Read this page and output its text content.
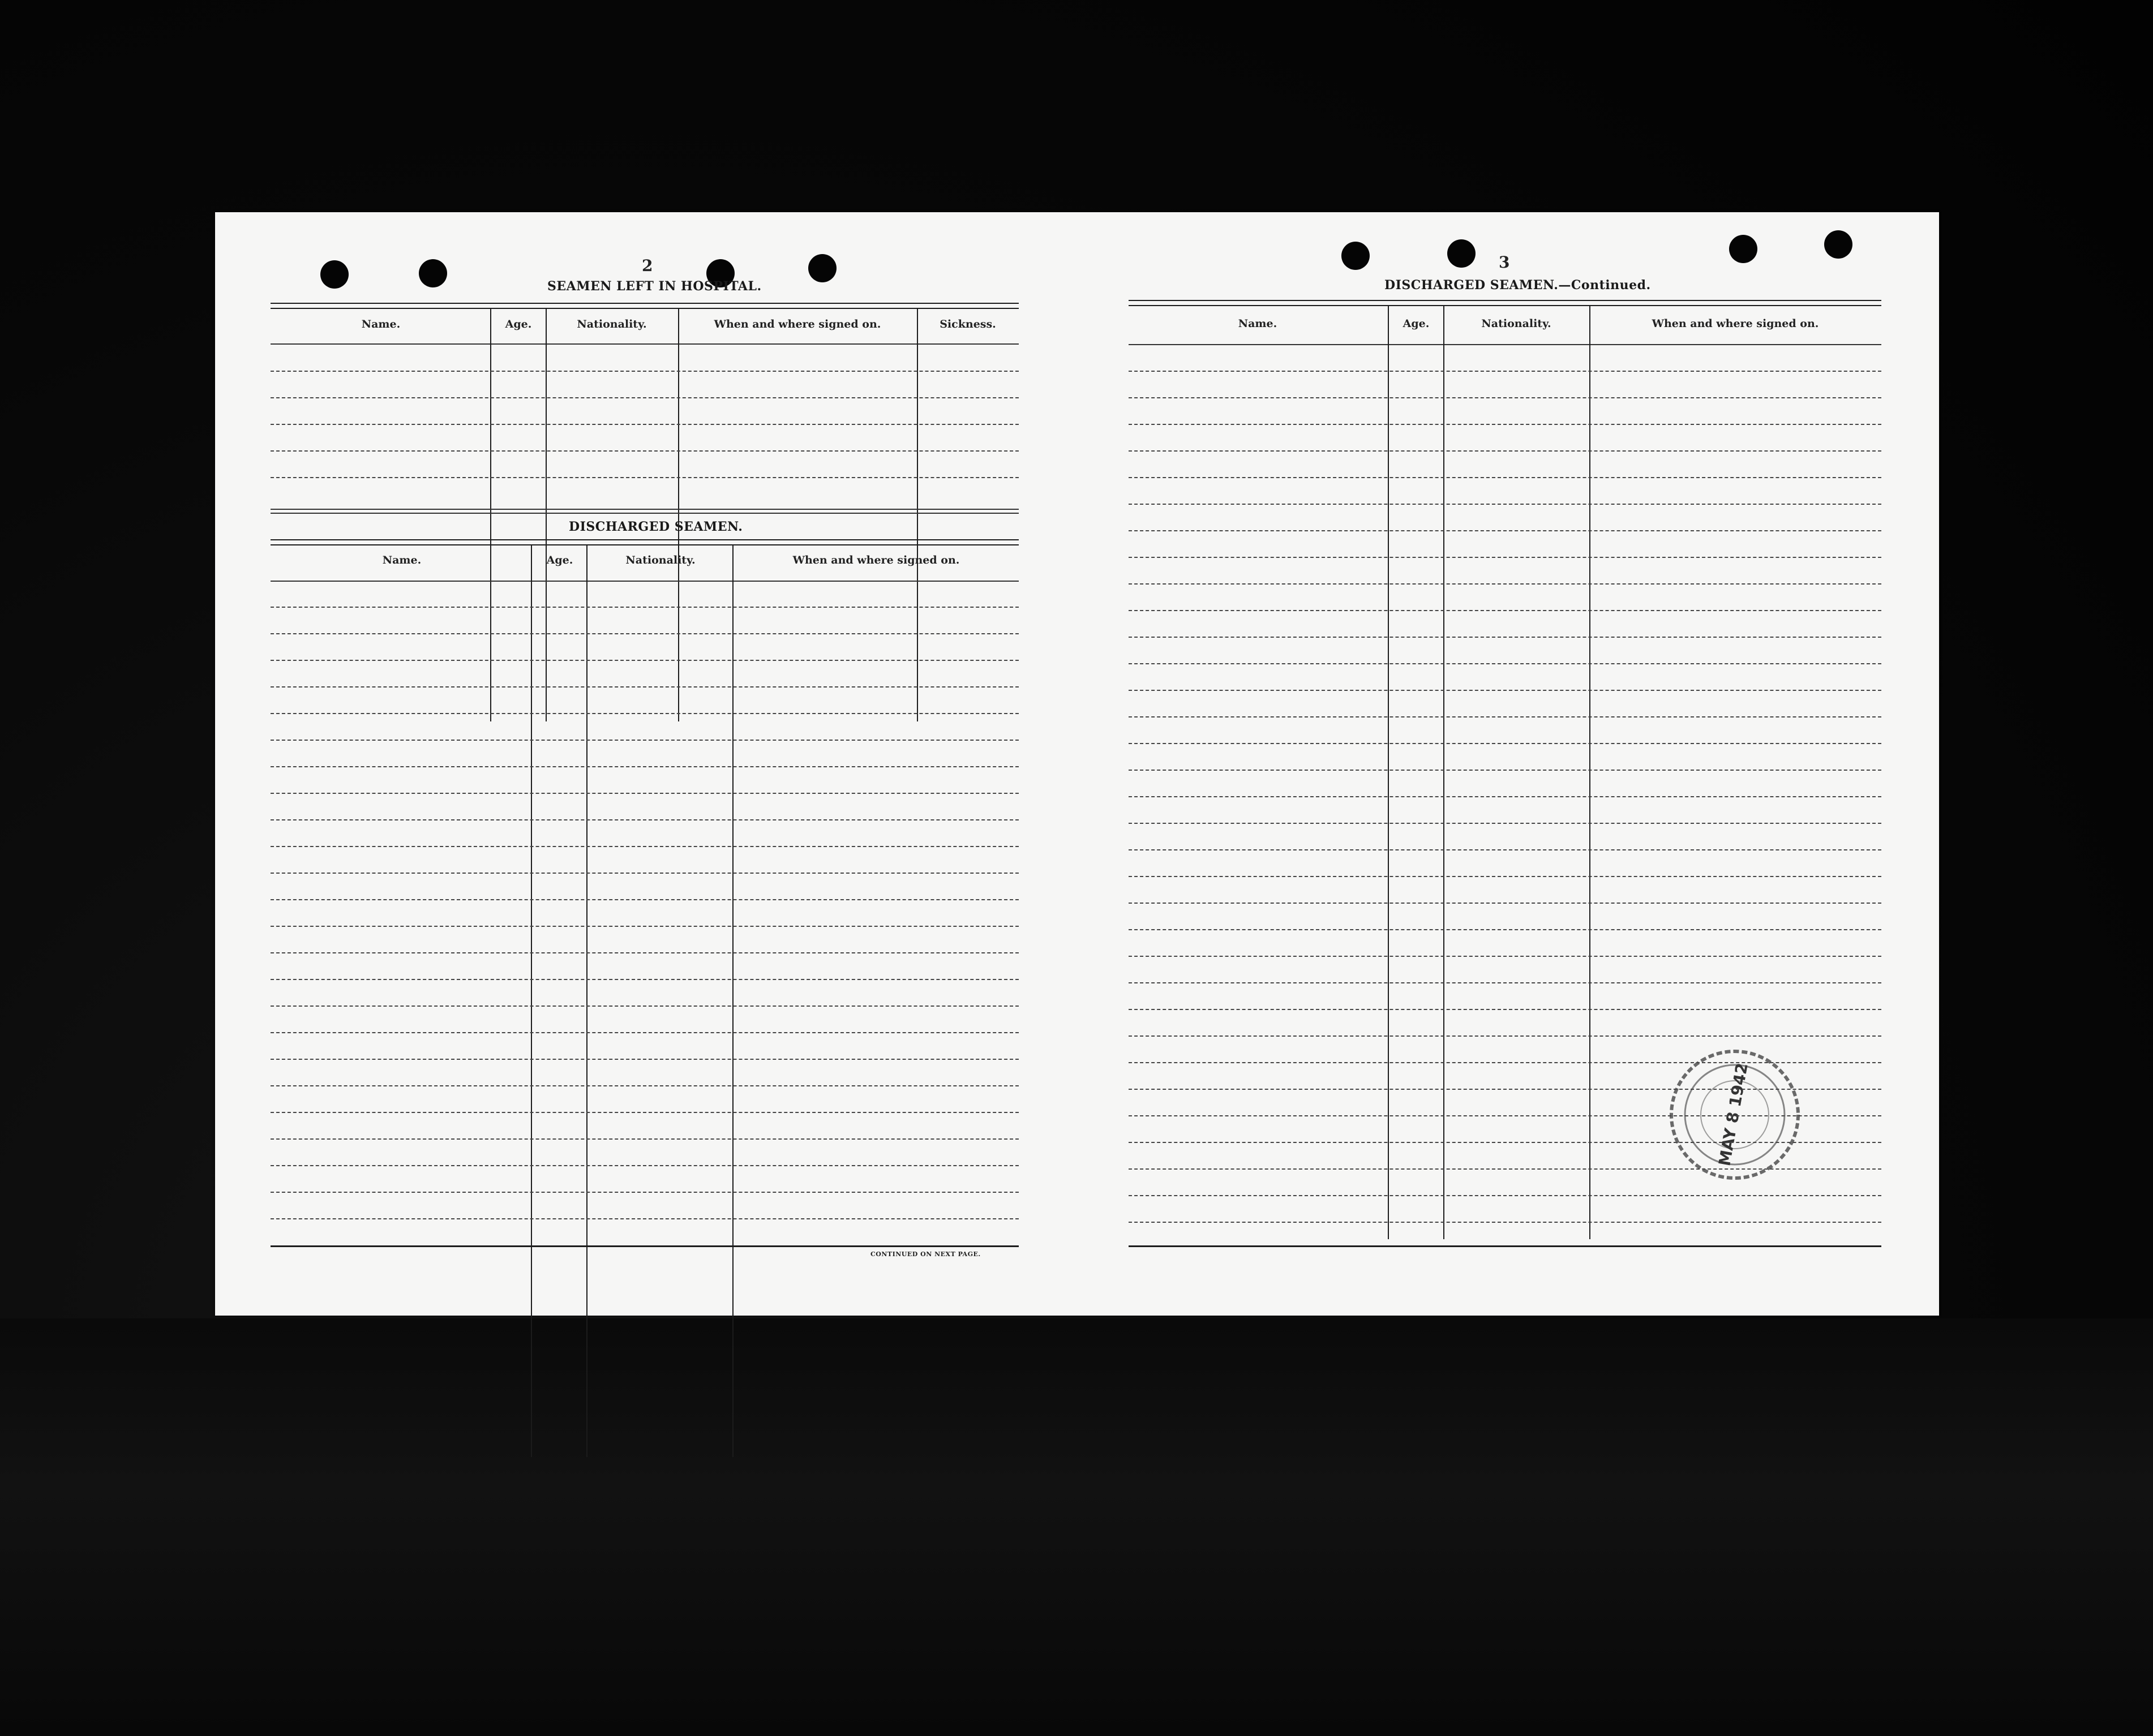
2
SEAMEN LEFT IN HOSPITAL.
Name.	Age.	Nationality.	When and where signed on.	Sickness.
DISCHARGED SEAMEN.
Name.	Age.	Nationality.	When and where signed on.
CONTINUED ON NEXT PAGE.
3
DISCHARGED SEAMEN.—Continued.
Name.	Age.	Nationality.	When and where signed on.
MAY 8 1942
